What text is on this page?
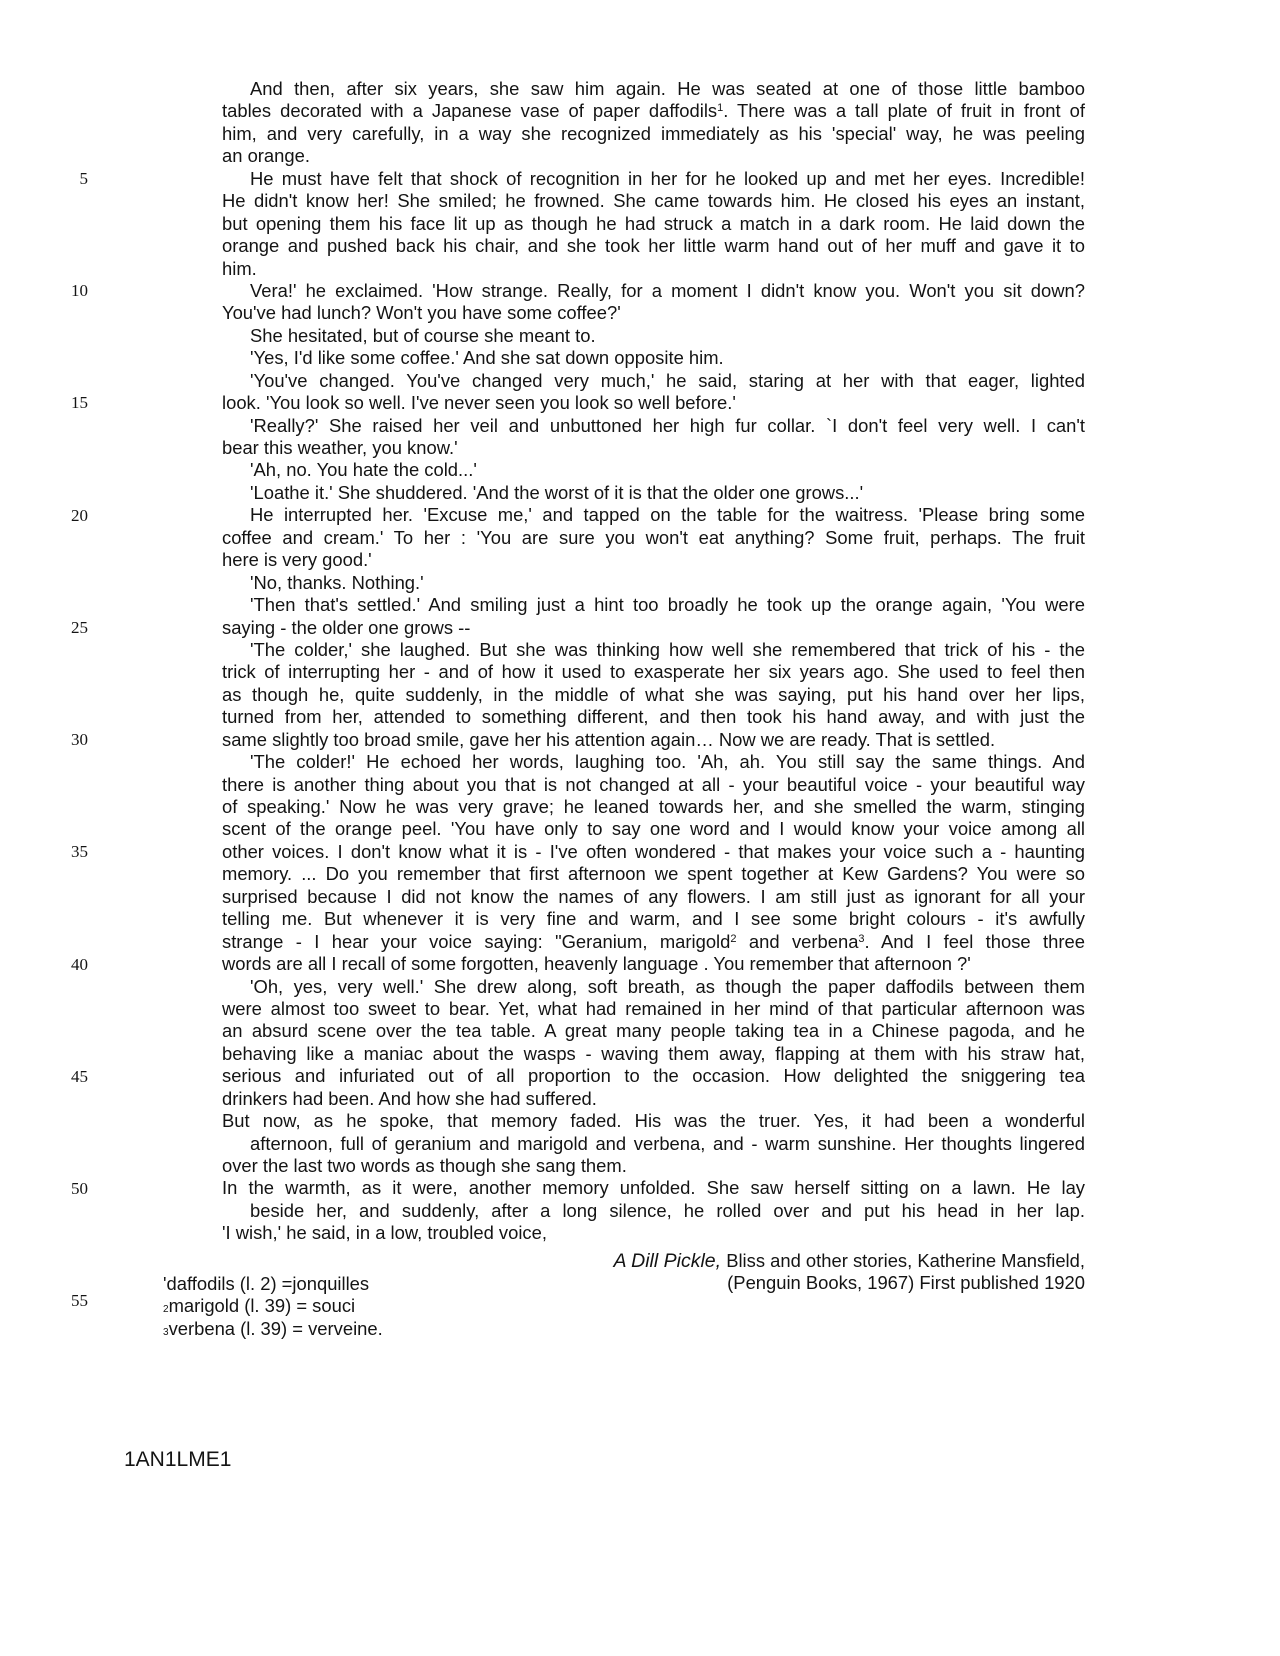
5
10
15
20
25
30
35
40
45
50
55
And then, after six years, she saw him again. He was seated at one of those little bamboo
tables decorated with a Japanese vase of paper daffodils$^1$. There was a tall plate of fruit in front of
him, and very carefully, in a way she recognized immediately as his 'special' way, he was peeling
an orange.
He must have felt that shock of recognition in her for he looked up and met her eyes. Incredible!
He didn't know her! She smiled; he frowned. She came towards him. He closed his eyes an instant,
but opening them his face lit up as though he had struck a match in a dark room. He laid down the
orange and pushed back his chair, and she took her little warm hand out of her muff and gave it to
him.
Vera!' he exclaimed. 'How strange. Really, for a moment I didn't know you. Won't you sit down?
You've had lunch? Won't you have some coffee?'
She hesitated, but of course she meant to.
'Yes, I'd like some coffee.' And she sat down opposite him.
'You've changed. You've changed very much,' he said, staring at her with that eager, lighted
look. 'You look so well. I've never seen you look so well before.'
'Really?' She raised her veil and unbuttoned her high fur collar. `I don't feel very well. I can't
bear this weather, you know.'
'Ah, no. You hate the cold...'
'Loathe it.' She shuddered. 'And the worst of it is that the older one grows...'
He interrupted her. 'Excuse me,' and tapped on the table for the waitress. 'Please bring some
coffee and cream.' To her : 'You are sure you won't eat anything? Some fruit, perhaps. The fruit
here is very good.'
'No, thanks. Nothing.'
'Then that's settled.' And smiling just a hint too broadly he took up the orange again, 'You were
saying - the older one grows --
'The colder,' she laughed. But she was thinking how well she remembered that trick of his - the
trick of interrupting her - and of how it used to exasperate her six years ago. She used to feel then
as though he, quite suddenly, in the middle of what she was saying, put his hand over her lips,
turned from her, attended to something different, and then took his hand away, and with just the
same slightly too broad smile, gave her his attention again… Now we are ready. That is settled.
'The colder!' He echoed her words, laughing too. 'Ah, ah. You still say the same things. And
there is another thing about you that is not changed at all - your beautiful voice - your beautiful way
of speaking.' Now he was very grave; he leaned towards her, and she smelled the warm, stinging
scent of the orange peel. 'You have only to say one word and I would know your voice among all
other voices. I don't know what it is - I've often wondered - that makes your voice such a - haunting
memory. ... Do you remember that first afternoon we spent together at Kew Gardens? You were so
surprised because I did not know the names of any flowers. I am still just as ignorant for all your
telling me. But whenever it is very fine and warm, and I see some bright colours - it's awfully
strange - I hear your voice saying: "Geranium, marigold$^2$ and verbena$^3$. And I feel those three
words are all I recall of some forgotten, heavenly language . You remember that afternoon ?'
'Oh, yes, very well.' She drew along, soft breath, as though the paper daffodils between them
were almost too sweet to bear. Yet, what had remained in her mind of that particular afternoon was
an absurd scene over the tea table. A great many people taking tea in a Chinese pagoda, and he
behaving like a maniac about the wasps - waving them away, flapping at them with his straw hat,
serious and infuriated out of all proportion to the occasion. How delighted the sniggering tea
drinkers had been. And how she had suffered.
But now, as he spoke, that memory faded. His was the truer. Yes, it had been a wonderful
afternoon, full of geranium and marigold and verbena, and - warm sunshine. Her thoughts lingered
over the last two words as though she sang them.
In the warmth, as it were, another memory unfolded. She saw herself sitting on a lawn. He lay
beside her, and suddenly, after a long silence, he rolled over and put his head in her lap.
'I wish,' he said, in a low, troubled voice,
A Dill Pickle, Bliss and other stories, Katherine Mansfield,
(Penguin Books, 1967) First published 1920
'daffodils (l. 2) =jonquilles
2marigold (l. 39) = souci
3verbena (l. 39) = verveine.
1AN1LME1
